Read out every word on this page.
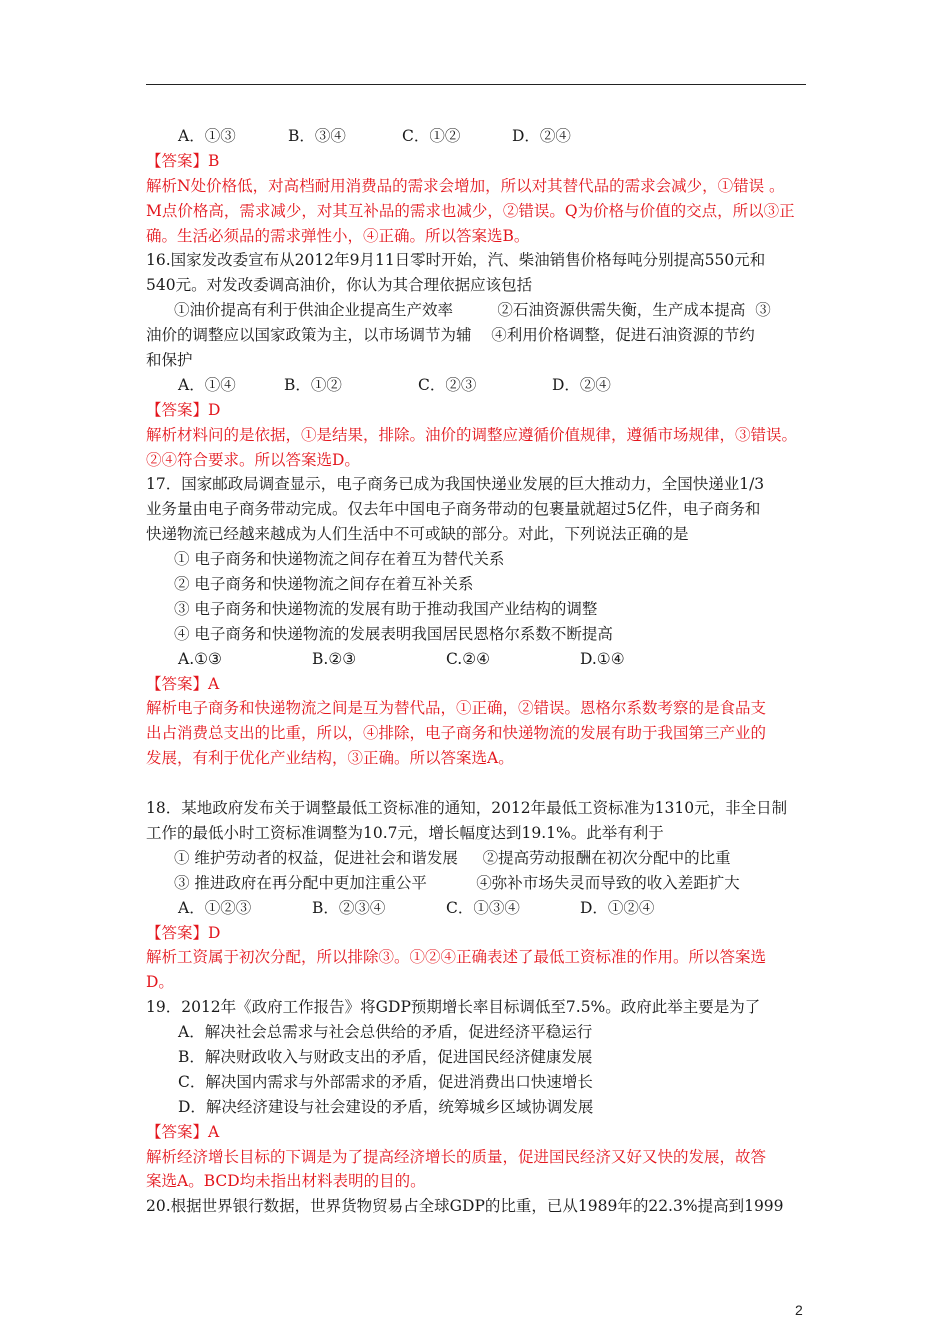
A．①③	B．③④	C．①②	D．②④
【答案】B
解析N处价格低，对高档耐用消费品的需求会增加，所以对其替代品的需求会减少，①错误 。
M点价格高，需求减少，对其互补品的需求也减少，②错误。Q为价格与价值的交点，所以③正
确。生活必须品的需求弹性小，④正确。所以答案选B。
16.国家发改委宣布从2012年9月11日零时开始，汽、柴油销售价格每吨分别提高550元和
540元。对发改委调高油价，你认为其合理依据应该包括
①油价提高有利于供油企业提高生产效率         ②石油资源供需失衡，生产成本提高  ③
油价的调整应以国家政策为主，以市场调节为辅    ④利用价格调整，促进石油资源的节约
和保护
A．①④	B．①②	C．②③	D．②④
【答案】D
解析材料问的是依据，①是结果，排除。油价的调整应遵循价值规律，遵循市场规律，③错误。
②④符合要求。所以答案选D。
17．国家邮政局调查显示，电子商务已成为我国快递业发展的巨大推动力，全国快递业1/3
业务量由电子商务带动完成。仅去年中国电子商务带动的包裹量就超过5亿件，电子商务和
快递物流已经越来越成为人们生活中不可或缺的部分。对此，下列说法正确的是
① 电子商务和快递物流之间存在着互为替代关系
② 电子商务和快递物流之间存在着互补关系
③ 电子商务和快递物流的发展有助于推动我国产业结构的调整
④ 电子商务和快递物流的发展表明我国居民恩格尔系数不断提高
A.①③	B.②③	C.②④	D.①④
【答案】A
解析电子商务和快递物流之间是互为替代品，①正确，②错误。恩格尔系数考察的是食品支
出占消费总支出的比重，所以，④排除，电子商务和快递物流的发展有助于我国第三产业的
发展，有利于优化产业结构，③正确。所以答案选A。
18．某地政府发布关于调整最低工资标准的通知，2012年最低工资标准为1310元，非全日制
工作的最低小时工资标准调整为10.7元，增长幅度达到19.1%。此举有利于
① 维护劳动者的权益，促进社会和谐发展     ②提高劳动报酬在初次分配中的比重
③ 推进政府在再分配中更加注重公平          ④弥补市场失灵而导致的收入差距扩大
A．①②③	B．②③④	C．①③④	D．①②④
【答案】D
解析工资属于初次分配，所以排除③。①②④正确表述了最低工资标准的作用。所以答案选
D。
19．2012年《政府工作报告》将GDP预期增长率目标调低至7.5%。政府此举主要是为了
A．解决社会总需求与社会总供给的矛盾，促进经济平稳运行
B．解决财政收入与财政支出的矛盾，促进国民经济健康发展
C．解决国内需求与外部需求的矛盾，促进消费出口快速增长
D．解决经济建设与社会建设的矛盾，统筹城乡区域协调发展
【答案】A
解析经济增长目标的下调是为了提高经济增长的质量，促进国民经济又好又快的发展，故答
案选A。BCD均未指出材料表明的目的。
20.根据世界银行数据，世界货物贸易占全球GDP的比重，已从1989年的22.3%提高到1999
2
